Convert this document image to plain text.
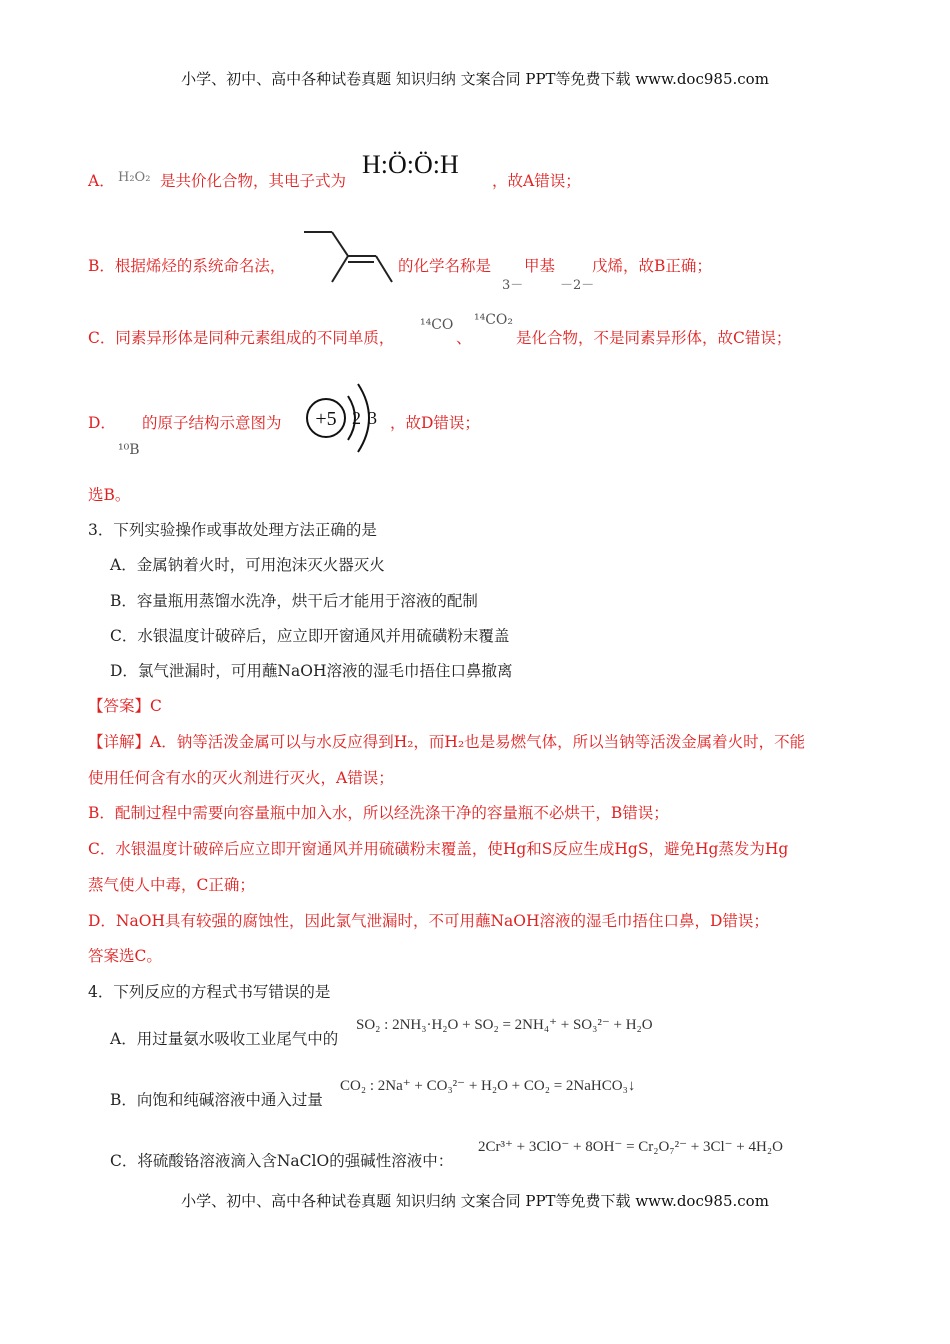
小学、初中、高中各种试卷真题 知识归纳 文案合同 PPT等免费下载 www.doc985.com
A． H₂O₂ 是共价化合物，其电子式为
H:Ö:Ö:H
，故A错误；
B．根据烯烃的系统命名法，	的化学名称是
3－
甲基
－2－
戊烯，故B正确；
C．同素异形体是同种元素组成的不同单质，
¹⁴CO
、
¹⁴CO₂
是化合物，不是同素异形体，故C错误；
D． 的原子结构示意图为 +5 2 3 ，故D错误；
¹⁰B
选B。
3．下列实验操作或事故处理方法正确的是
A．金属钠着火时，可用泡沫灭火器灭火
B．容量瓶用蒸馏水洗净，烘干后才能用于溶液的配制
C．水银温度计破碎后，应立即开窗通风并用硫磺粉末覆盖
D．氯气泄漏时，可用蘸NaOH溶液的湿毛巾捂住口鼻撤离
【答案】C
【详解】A．钠等活泼金属可以与水反应得到H₂，而H₂也是易燃气体，所以当钠等活泼金属着火时，不能
使用任何含有水的灭火剂进行灭火，A错误；
B．配制过程中需要向容量瓶中加入水，所以经洗涤干净的容量瓶不必烘干，B错误；
C．水银温度计破碎后应立即开窗通风并用硫磺粉末覆盖，使Hg和S反应生成HgS，避免Hg蒸发为Hg
蒸气使人中毒，C正确；
D．NaOH具有较强的腐蚀性，因此氯气泄漏时，不可用蘸NaOH溶液的湿毛巾捂住口鼻，D错误；
答案选C。
4．下列反应的方程式书写错误的是
A．用过量氨水吸收工业尾气中的
SO₂ : 2NH₃·H₂O + SO₂ = 2NH₄⁺ + SO₃²⁻ + H₂O
B．向饱和纯碱溶液中通入过量
CO₂ : 2Na⁺ + CO₃²⁻ + H₂O + CO₂ = 2NaHCO₃↓
C．将硫酸铬溶液滴入含NaClO的强碱性溶液中：
2Cr³⁺ + 3ClO⁻ + 8OH⁻ = Cr₂O₇²⁻ + 3Cl⁻ + 4H₂O
小学、初中、高中各种试卷真题 知识归纳 文案合同 PPT等免费下载 www.doc985.com
